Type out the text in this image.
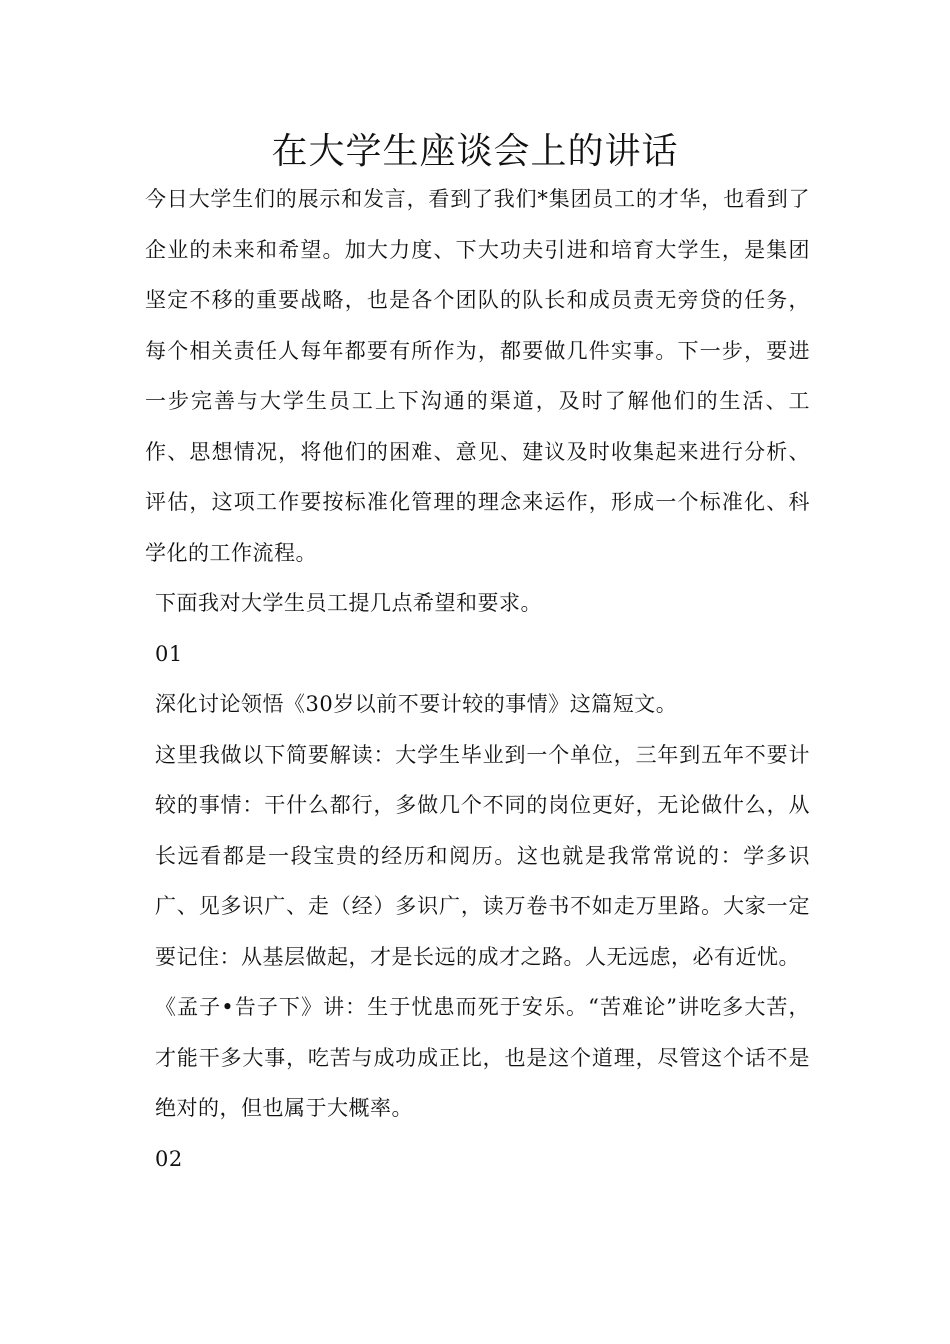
在大学生座谈会上的讲话

今日大学生们的展示和发言，看到了我们*集团员工的才华，也看到了企业的未来和希望。加大力度、下大功夫引进和培育大学生，是集团坚定不移的重要战略，也是各个团队的队长和成员责无旁贷的任务，每个相关责任人每年都要有所作为，都要做几件实事。下一步，要进一步完善与大学生员工上下沟通的渠道，及时了解他们的生活、工作、思想情况，将他们的困难、意见、建议及时收集起来进行分析、评估，这项工作要按标准化管理的理念来运作，形成一个标准化、科学化的工作流程。

下面我对大学生员工提几点希望和要求。

01

深化讨论领悟《30岁以前不要计较的事情》这篇短文。

这里我做以下简要解读：大学生毕业到一个单位，三年到五年不要计较的事情：干什么都行，多做几个不同的岗位更好，无论做什么，从长远看都是一段宝贵的经历和阅历。这也就是我常常说的：学多识广、见多识广、走（经）多识广，读万卷书不如走万里路。大家一定要记住：从基层做起，才是长远的成才之路。人无远虑，必有近忧。

《孟子•告子下》讲：生于忧患而死于安乐。“苦难论”讲吃多大苦，才能干多大事，吃苦与成功成正比，也是这个道理，尽管这个话不是绝对的，但也属于大概率。

02
